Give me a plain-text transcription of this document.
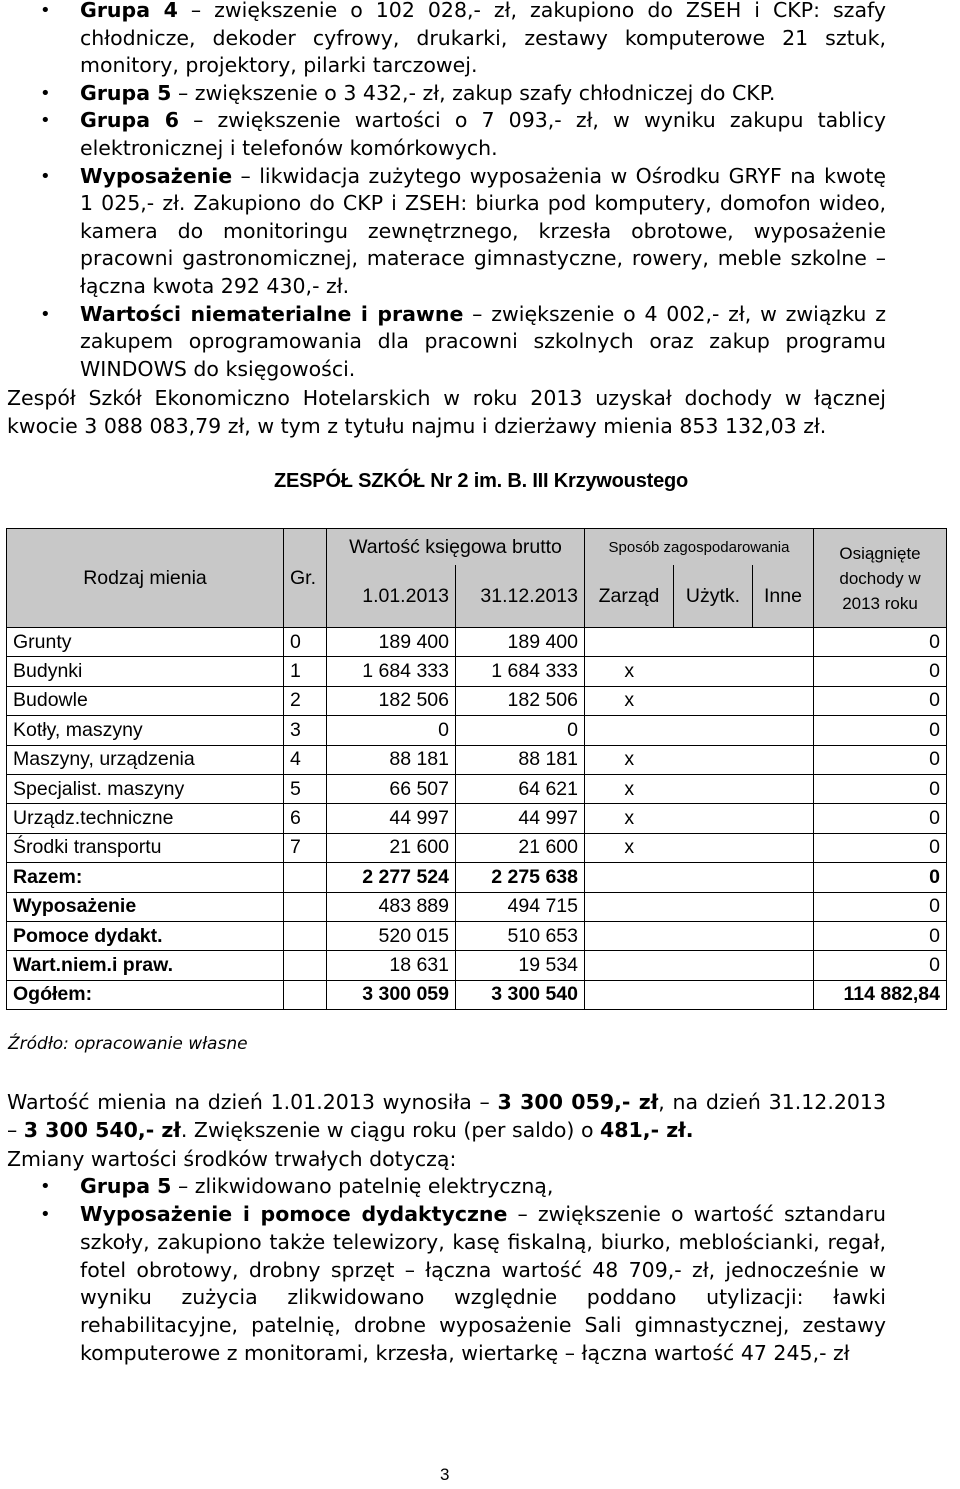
• Grupa 4 – zwiększenie o 102 028,- zł, zakupiono do ZSEH i CKP: szafy chłodnicze, dekoder cyfrowy, drukarki, zestawy komputerowe 21 sztuk, monitory, projektory, pilarki tarczowej.
• Grupa 5 – zwiększenie o 3 432,- zł, zakup szafy chłodniczej do CKP.
• Grupa 6 – zwiększenie wartości o 7 093,- zł, w wyniku zakupu tablicy elektronicznej i telefonów komórkowych.
• Wyposażenie – likwidacja zużytego wyposażenia w Ośrodku GRYF na kwotę 1 025,- zł. Zakupiono do CKP i ZSEH: biurka pod komputery, domofon wideo, kamera do monitoringu zewnętrznego, krzesła obrotowe, wyposażenie pracowni gastronomicznej, materace gimnastyczne, rowery, meble szkolne – łączna kwota 292 430,- zł.
• Wartości niematerialne i prawne – zwiększenie o 4 002,- zł, w związku z zakupem oprogramowania dla pracowni szkolnych oraz zakup programu WINDOWS do księgowości.

Zespół Szkół Ekonomiczno Hotelarskich w roku 2013 uzyskał dochody w łącznej kwocie 3 088 083,79 zł, w tym z tytułu najmu i dzierżawy mienia 853 132,03 zł.

ZESPÓŁ SZKÓŁ Nr 2 im. B. III Krzywoustego
Rodzaj mienia	Gr.	Wartość księgowa brutto		Sposób zagospodarowania			Osiągnięte dochody w 2013 roku
		1.01.2013	31.12.2013	Zarząd	Użytk.	Inne	
Grunty	0	189 400	189 400				0
Budynki	1	1 684 333	1 684 333	x			0
Budowle	2	182 506	182 506	x			0
Kotły, maszyny	3	0	0				0
Maszyny, urządzenia	4	88 181	88 181	x			0
Specjalist. maszyny	5	66 507	64 621	x			0
Urządz.techniczne	6	44 997	44 997	x			0
Środki transportu	7	21 600	21 600	x			0
Razem:		2 277 524	2 275 638				0
Wyposażenie		483 889	494 715				0
Pomoce dydakt.		520 015	510 653				0
Wart.niem.i praw.		18 631	19 534				0
Ogółem:		3 300 059	3 300 540				114 882,84
Źródło: opracowanie własne

Wartość mienia na dzień 1.01.2013 wynosiła – 3 300 059,- zł, na dzień 31.12.2013 – 3 300 540,- zł. Zwiększenie w ciągu roku (per saldo) o 481,- zł.

Zmiany wartości środków trwałych dotyczą:

• Grupa 5 – zlikwidowano patelnię elektryczną,
• Wyposażenie i pomoce dydaktyczne – zwiększenie o wartość sztandaru szkoły, zakupiono także telewizory, kasę fiskalną, biurko, meblościanki, regał, fotel obrotowy, drobny sprzęt – łączna wartość 48 709,- zł, jednocześnie w wyniku zużycia zlikwidowano względnie poddano utylizacji: ławki rehabilitacyjne, patelnię, drobne wyposażenie Sali gimnastycznej, zestawy komputerowe z monitorami, krzesła, wiertarkę – łączna wartość 47 245,- zł
3
